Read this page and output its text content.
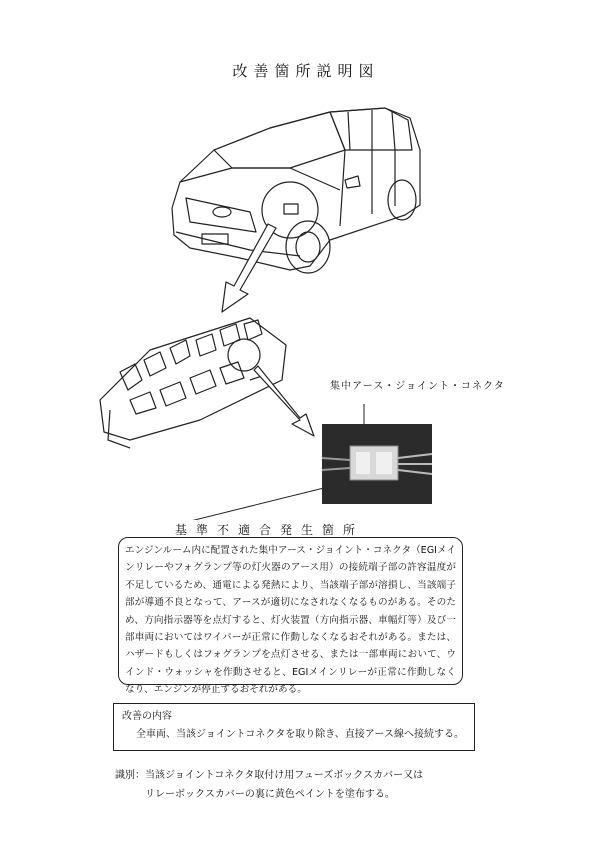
改善箇所説明図
集中アース・ジョイント・コネクタ
基準不適合発生箇所
エンジンルーム内に配置された集中アース・ジョイント・コネクタ（EGIメインリレーやフォグランプ等の灯火器のアース用）の接続端子部の許容温度が不足しているため、通電による発熱により、当該端子部が溶損し、当該端子部が導通不良となって、アースが適切になされなくなるものがある。そのため、方向指示器等を点灯すると、灯火装置（方向指示器、車幅灯等）及び一部車両においてはワイパーが正常に作動しなくなるおそれがある。または、ハザードもしくはフォグランプを点灯させる、または一部車両において、ウインド・ウォッシャを作動させると、EGIメインリレーが正常に作動しなくなり、エンジンが停止するおそれがある。
改善の内容
全車両、当該ジョイントコネクタを取り除き、直接アース線へ接続する。
識別：当該ジョイントコネクタ取付け用フューズボックスカバー又は
リレーボックスカバーの裏に黄色ペイントを塗布する。
